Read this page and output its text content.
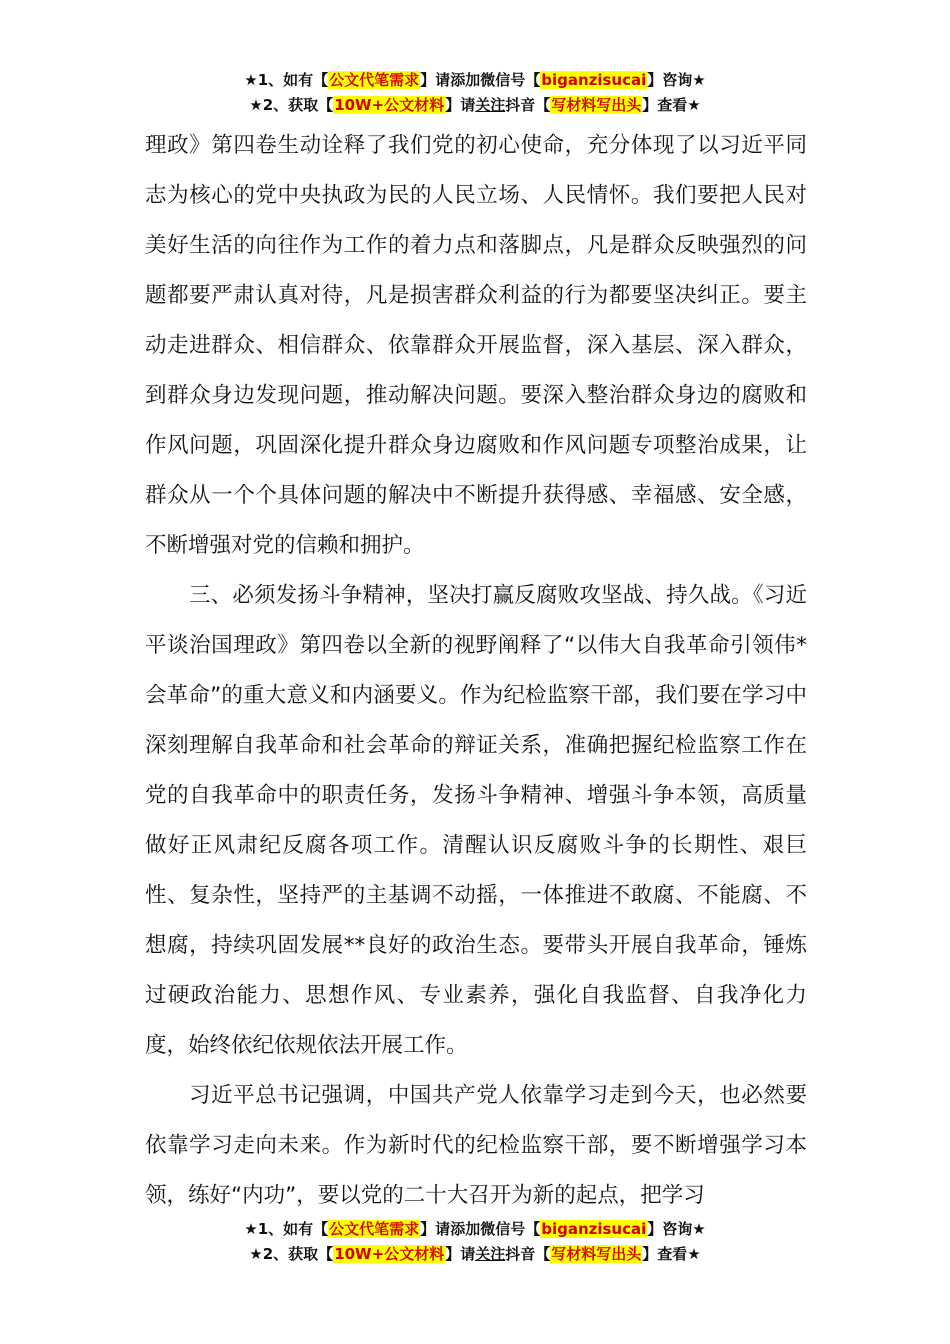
★1、如有【公文代笔需求】请添加微信号【biganzisucai】咨询★
★2、获取【10W+公文材料】请关注抖音【写材料写出头】查看★

理政》第四卷生动诠释了我们党的初心使命，充分体现了以习近平同志为核心的党中央执政为民的人民立场、人民情怀。我们要把人民对美好生活的向往作为工作的着力点和落脚点，凡是群众反映强烈的问题都要严肃认真对待，凡是损害群众利益的行为都要坚决纠正。要主动走进群众、相信群众、依靠群众开展监督，深入基层、深入群众，到群众身边发现问题，推动解决问题。要深入整治群众身边的腐败和作风问题，巩固深化提升群众身边腐败和作风问题专项整治成果，让群众从一个个具体问题的解决中不断提升获得感、幸福感、安全感，不断增强对党的信赖和拥护。

三、必须发扬斗争精神，坚决打赢反腐败攻坚战、持久战。《习近平谈治国理政》第四卷以全新的视野阐释了“以伟大自我革命引领伟*会革命”的重大意义和内涵要义。作为纪检监察干部，我们要在学习中深刻理解自我革命和社会革命的辩证关系，准确把握纪检监察工作在党的自我革命中的职责任务，发扬斗争精神、增强斗争本领，高质量做好正风肃纪反腐各项工作。清醒认识反腐败斗争的长期性、艰巨性、复杂性，坚持严的主基调不动摇，一体推进不敢腐、不能腐、不想腐，持续巩固发展**良好的政治生态。要带头开展自我革命，锤炼过硬政治能力、思想作风、专业素养，强化自我监督、自我净化力度，始终依纪依规依法开展工作。

习近平总书记强调，中国共产党人依靠学习走到今天，也必然要依靠学习走向未来。作为新时代的纪检监察干部，要不断增强学习本领，练好“内功”，要以党的二十大召开为新的起点，把学习

★1、如有【公文代笔需求】请添加微信号【biganzisucai】咨询★
★2、获取【10W+公文材料】请关注抖音【写材料写出头】查看★
